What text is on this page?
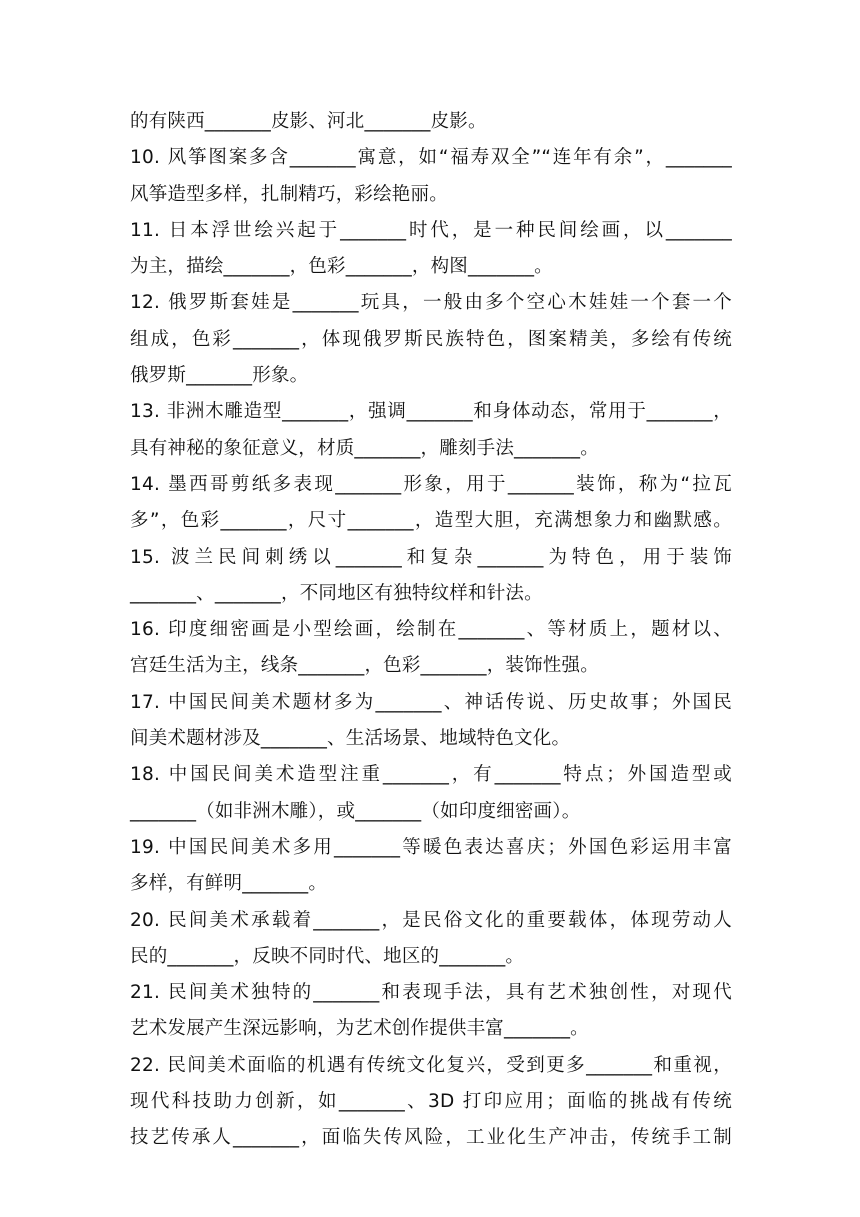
的有陕西_______皮影、河北_______皮影。
10. 风筝图案多含_______寓意，如“福寿双全”“连年有余”，_______
风筝造型多样，扎制精巧，彩绘艳丽。
11. 日本浮世绘兴起于_______时代，是一种民间绘画，以_______
为主，描绘_______，色彩_______，构图_______。
12. 俄罗斯套娃是_______玩具，一般由多个空心木娃娃一个套一个
组成，色彩_______，体现俄罗斯民族特色，图案精美，多绘有传统
俄罗斯_______形象。
13. 非洲木雕造型_______，强调_______和身体动态，常用于_______，
具有神秘的象征意义，材质_______，雕刻手法_______。
14. 墨西哥剪纸多表现_______形象，用于_______装饰，称为“拉瓦
多”，色彩_______，尺寸_______，造型大胆，充满想象力和幽默感。
15. 波兰民间刺绣以_______和复杂_______为特色，用于装饰
_______、_______，不同地区有独特纹样和针法。
16. 印度细密画是小型绘画，绘制在_______、等材质上，题材以、
宫廷生活为主，线条_______，色彩_______，装饰性强。
17. 中国民间美术题材多为_______、神话传说、历史故事；外国民
间美术题材涉及_______、生活场景、地域特色文化。
18. 中国民间美术造型注重_______，有_______特点；外国造型或
_______（如非洲木雕），或_______（如印度细密画）。
19. 中国民间美术多用_______等暖色表达喜庆；外国色彩运用丰富
多样，有鲜明_______。
20. 民间美术承载着_______，是民俗文化的重要载体，体现劳动人
民的_______，反映不同时代、地区的_______。
21. 民间美术独特的_______和表现手法，具有艺术独创性，对现代
艺术发展产生深远影响，为艺术创作提供丰富_______。
22. 民间美术面临的机遇有传统文化复兴，受到更多_______和重视，
现代科技助力创新，如_______、3D 打印应用；面临的挑战有传统
技艺传承人_______，面临失传风险，工业化生产冲击，传统手工制
